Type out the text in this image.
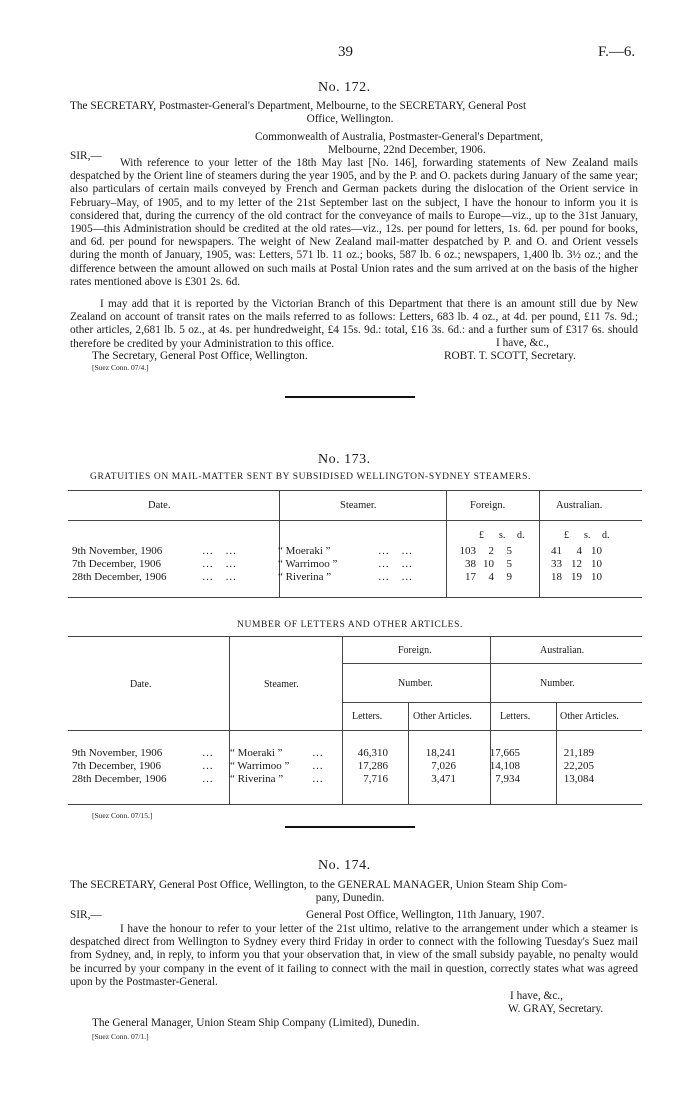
39	F.—6.
No. 172.
The SECRETARY, Postmaster-General's Department, Melbourne, to the SECRETARY, General Post
Office, Wellington.
Commonwealth of Australia, Postmaster-General's Department,
Melbourne, 22nd December, 1906.
SIR,—
With reference to your letter of the 18th May last [No. 146], forwarding statements of New Zealand mails despatched by the Orient line of steamers during the year 1905, and by the P. and O. packets during January of the same year; also particulars of certain mails conveyed by French and German packets during the dislocation of the Orient service in February–May, of 1905, and to my letter of the 21st September last on the subject, I have the honour to inform you it is considered that, during the currency of the old contract for the conveyance of mails to Europe—viz., up to the 31st January, 1905—this Administration should be credited at the old rates—viz., 12s. per pound for letters, 1s. 6d. per pound for books, and 6d. per pound for newspapers. The weight of New Zealand mail-matter despatched by P. and O. and Orient vessels during the month of January, 1905, was: Letters, 571 lb. 11 oz.; books, 587 lb. 6 oz.; newspapers, 1,400 lb. 3½ oz.; and the difference between the amount allowed on such mails at Postal Union rates and the sum arrived at on the basis of the higher rates mentioned above is £301 2s. 6d.
I may add that it is reported by the Victorian Branch of this Department that there is an amount still due by New Zealand on account of transit rates on the mails referred to as follows: Letters, 683 lb. 4 oz., at 4d. per pound, £11 7s. 9d.; other articles, 2,681 lb. 5 oz., at 4s. per hundredweight, £4 15s. 9d.: total, £16 3s. 6d.: and a further sum of £317 6s. should therefore be credited by your Administration to this office.	I have, &c.,
The Secretary, General Post Office, Wellington.	ROBT. T. SCOTT, Secretary.
[Suez Conn. 07/4.]
No. 173.
GRATUITIES ON MAIL-MATTER SENT BY SUBSIDISED WELLINGTON-SYDNEY STEAMERS.
Date.	Steamer.	Foreign.	Australian.
£ s. d.	£ s. d.
9th November, 1906	…   …	“ Moeraki ”	…   …	103	2	5	41	4	10	
7th December, 1906	…   …	“ Warrimoo ”	…   …	38	10	5	33	12	10	
28th December, 1906	…   …	“ Riverina ”	…   …	17	4	9	18	19	10	
NUMBER OF LETTERS AND OTHER ARTICLES.
Date.	Steamer.
Foreign.	Australian.
Number.	Number.
Letters.	Other Articles.	Letters.	Other Articles.
9th November, 1906	…	“ Moeraki ”	…	46,310	18,241	17,665	21,189	
7th December, 1906	…	“ Warrimoo ”	…	17,286	7,026	14,108	22,205	
28th December, 1906	…	“ Riverina ”	…	7,716	3,471	7,934	13,084	
[Suez Conn. 07/15.]
No. 174.
The SECRETARY, General Post Office, Wellington, to the GENERAL MANAGER, Union Steam Ship Com-
pany, Dunedin.
SIR,—	General Post Office, Wellington, 11th January, 1907.
I have the honour to refer to your letter of the 21st ultimo, relative to the arrangement under which a steamer is despatched direct from Wellington to Sydney every third Friday in order to connect with the following Tuesday's Suez mail from Sydney, and, in reply, to inform you that your observation that, in view of the small subsidy payable, no penalty would be incurred by your company in the event of it failing to connect with the mail in question, correctly states what was agreed upon by the Postmaster-General.
I have, &c.,
W. GRAY, Secretary.
The General Manager, Union Steam Ship Company (Limited), Dunedin.
[Suez Conn. 07/1.]
